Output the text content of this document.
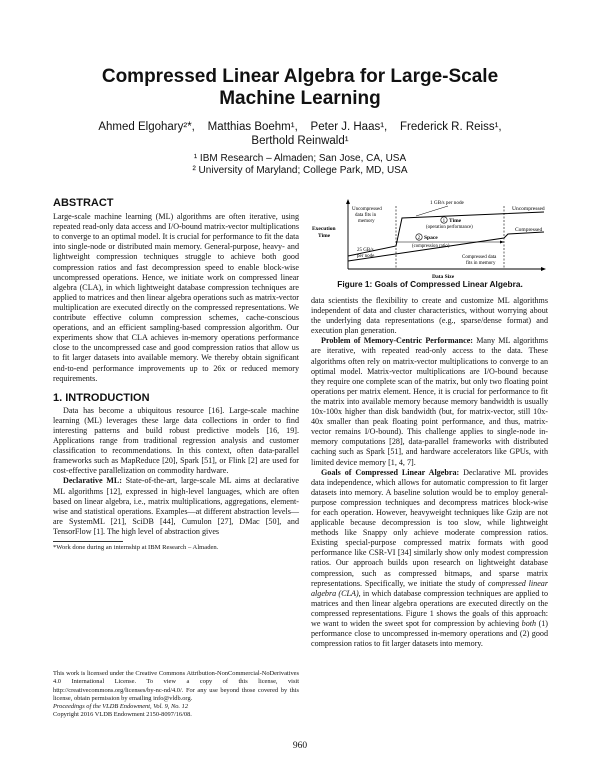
Compressed Linear Algebra for Large-Scale
Machine Learning
Ahmed Elgohary²*,    Matthias Boehm¹,    Peter J. Haas¹,    Frederick R. Reiss¹,
Berthold Reinwald¹
¹ IBM Research – Almaden; San Jose, CA, USA
² University of Maryland; College Park, MD, USA
ABSTRACT

Large-scale machine learning (ML) algorithms are often iterative, using repeated read-only data access and I/O-bound matrix-vector multiplications to converge to an optimal model. It is crucial for performance to fit the data into single-node or distributed main memory. General-purpose, heavy- and lightweight compression techniques struggle to achieve both good compression ratios and fast decompression speed to enable block-wise uncompressed operations. Hence, we initiate work on compressed linear algebra (CLA), in which lightweight database compression techniques are applied to matrices and then linear algebra operations such as matrix-vector multiplication are executed directly on the compressed representations. We contribute effective column compression schemes, cache-conscious operations, and an efficient sampling-based compression algorithm. Our experiments show that CLA achieves in-memory operations performance close to the uncompressed case and good compression ratios that allow us to fit larger datasets into available memory. We thereby obtain significant end-to-end performance improvements up to 26x or reduced memory requirements.

1. INTRODUCTION

Data has become a ubiquitous resource [16]. Large-scale machine learning (ML) leverages these large data collections in order to find interesting patterns and build robust predictive models [16, 19]. Applications range from traditional regression analysis and customer classification to recommendations. In this context, often data-parallel frameworks such as MapReduce [20], Spark [51], or Flink [2] are used for cost-effective parallelization on commodity hardware.

Declarative ML: State-of-the-art, large-scale ML aims at declarative ML algorithms [12], expressed in high-level languages, which are often based on linear algebra, i.e., matrix multiplications, aggregations, element-wise and statistical operations. Examples—at different abstraction levels—are SystemML [21], SciDB [44], Cumulon [27], DMac [50], and TensorFlow [1]. The high level of abstraction gives

*Work done during an internship at IBM Research – Almaden.
This work is licensed under the Creative Commons Attribution-NonCommercial-NoDerivatives 4.0 International License. To view a copy of this license, visit http://creativecommons.org/licenses/by-nc-nd/4.0/. For any use beyond those covered by this license, obtain permission by emailing info@vldb.org.
Proceedings of the VLDB Endowment, Vol. 9, No. 12
Copyright 2016 VLDB Endowment 2150-8097/16/08.
Execution
Time
Data Size
1 GB/s per node
Uncompressed
data fits in
memory
Uncompressed
Compressed
1 Time
(operation performance)
2 Space
(compression ratio)
25 GB/s
per node	Compressed data
fits in memory
Figure 1: Goals of Compressed Linear Algebra.

data scientists the flexibility to create and customize ML algorithms independent of data and cluster characteristics, without worrying about the underlying data representations (e.g., sparse/dense format) and execution plan generation.

Problem of Memory-Centric Performance: Many ML algorithms are iterative, with repeated read-only access to the data. These algorithms often rely on matrix-vector multiplications to converge to an optimal model. Matrix-vector multiplications are I/O-bound because they require one complete scan of the matrix, but only two floating point operations per matrix element. Hence, it is crucial for performance to fit the matrix into available memory because memory bandwidth is usually 10x-100x higher than disk bandwidth (but, for matrix-vector, still 10x-40x smaller than peak floating point performance, and thus, matrix-vector remains I/O-bound). This challenge applies to single-node in-memory computations [28], data-parallel frameworks with distributed caching such as Spark [51], and hardware accelerators like GPUs, with limited device memory [1, 4, 7].

Goals of Compressed Linear Algebra: Declarative ML provides data independence, which allows for automatic compression to fit larger datasets into memory. A baseline solution would be to employ general-purpose compression techniques and decompress matrices block-wise for each operation. However, heavyweight techniques like Gzip are not applicable because decompression is too slow, while lightweight methods like Snappy only achieve moderate compression ratios. Existing special-purpose compressed matrix formats with good performance like CSR-VI [34] similarly show only modest compression ratios. Our approach builds upon research on lightweight database compression, such as compressed bitmaps, and sparse matrix representations. Specifically, we initiate the study of compressed linear algebra (CLA), in which database compression techniques are applied to matrices and then linear algebra operations are executed directly on the compressed representations. Figure 1 shows the goals of this approach: we want to widen the sweet spot for compression by achieving both (1) performance close to uncompressed in-memory operations and (2) good compression ratios to fit larger datasets into memory.

960
